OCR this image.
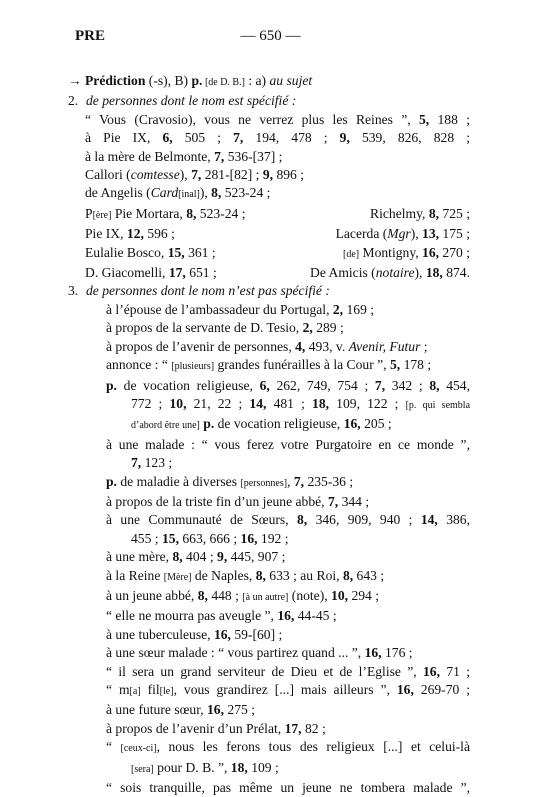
PRE	— 650 —
→ Prédiction (-s), B) p. [de D. B.] : a) au sujet
2. de personnes dont le nom est spécifié :
“ Vous (Cravosio), vous ne verrez plus les Reines ”, 5, 188 ;
à Pie IX, 6, 505 ; 7, 194, 478 ; 9, 539, 826, 828 ;
à la mère de Belmonte, 7, 536-[37] ;
Callori (comtesse), 7, 281-[82] ; 9, 896 ;
de Angelis (Card[inal]), 8, 523-24 ;
P[ère] Pie Mortara, 8, 523-24 ;	Richelmy, 8, 725 ;
Pie IX, 12, 596 ;	Lacerda (Mgr), 13, 175 ;
Eulalie Bosco, 15, 361 ;	[de] Montigny, 16, 270 ;
D. Giacomelli, 17, 651 ;	De Amicis (notaire), 18, 874.
3. de personnes dont le nom n’est pas spécifié :
à l’épouse de l’ambassadeur du Portugal, 2, 169 ;
à propos de la servante de D. Tesio, 2, 289 ;
à propos de l’avenir de personnes, 4, 493, v. Avenir, Futur ;
annonce : “ [plusieurs] grandes funérailles à la Cour ”, 5, 178 ;
p. de vocation religieuse, 6, 262, 749, 754 ; 7, 342 ; 8, 454,
772 ; 10, 21, 22 ; 14, 481 ; 18, 109, 122 ; [p. qui sembla
d’abord être une] p. de vocation religieuse, 16, 205 ;
à une malade : “ vous ferez votre Purgatoire en ce monde ”,
7, 123 ;
p. de maladie à diverses [personnes], 7, 235-36 ;
à propos de la triste fin d’un jeune abbé, 7, 344 ;
à une Communauté de Sœurs, 8, 346, 909, 940 ; 14, 386,
455 ; 15, 663, 666 ; 16, 192 ;
à une mère, 8, 404 ; 9, 445, 907 ;
à la Reine [Mère] de Naples, 8, 633 ; au Roi, 8, 643 ;
à un jeune abbé, 8, 448 ; [à un autre] (note), 10, 294 ;
“ elle ne mourra pas aveugle ”, 16, 44-45 ;
à une tuberculeuse, 16, 59-[60] ;
à une sœur malade : “ vous partirez quand ... ”, 16, 176 ;
“ il sera un grand serviteur de Dieu et de l’Eglise ”, 16, 71 ;
“ m[a] fil[le], vous grandirez [...] mais ailleurs ”, 16, 269-70 ;
à une future sœur, 16, 275 ;
à propos de l’avenir d’un Prélat, 17, 82 ;
“ [ceux-ci], nous les ferons tous des religieux [...] et celui-là
[sera] pour D. B. ”, 18, 109 ;
“ sois tranquille, pas même un jeune ne tombera malade ”,
